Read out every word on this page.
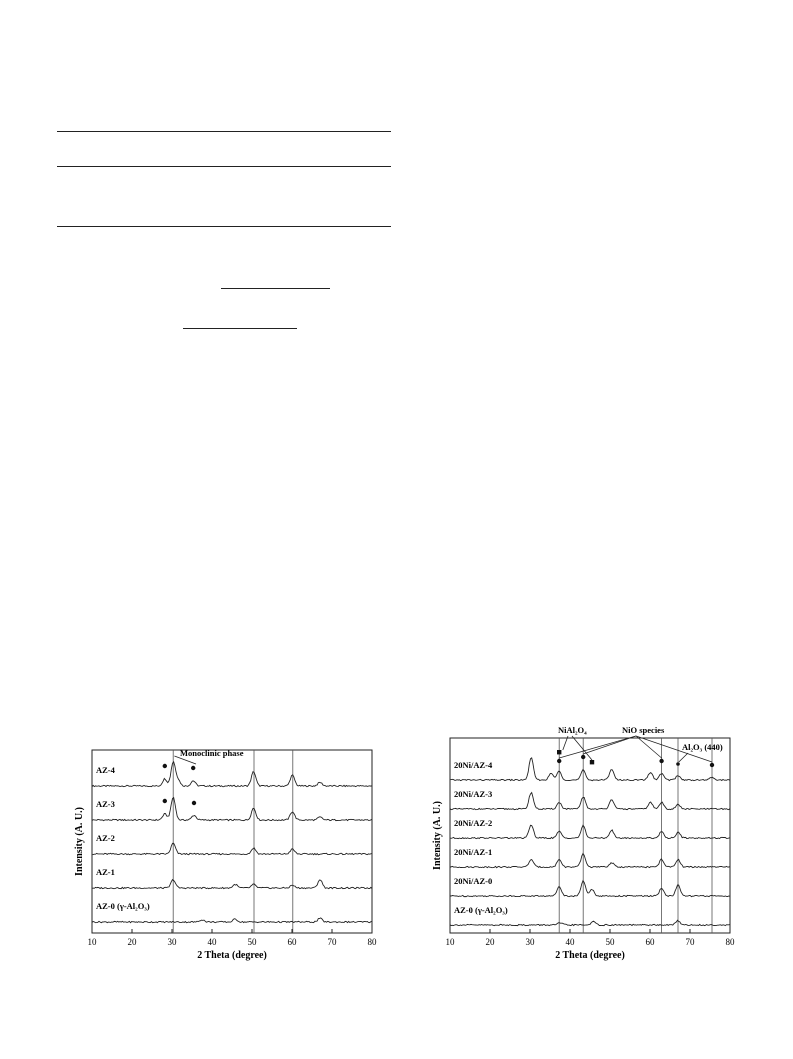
10	20	30	40	50	60	70	80
2 Theta (degree)
Intensity (A. U.)
AZ-4
AZ-3
AZ-2
AZ-1
AZ-0 (γ-Al₂O₃)
Monoclinic phase
10	20	30	40	50	60	70	80
2 Theta (degree)
Intensity (A. U.)
20Ni/AZ-4
20Ni/AZ-3
20Ni/AZ-2
20Ni/AZ-1
20Ni/AZ-0
AZ-0 (γ-Al₂O₃)
NiAl₂O₄	NiO species
Al₂O₃ (440)
